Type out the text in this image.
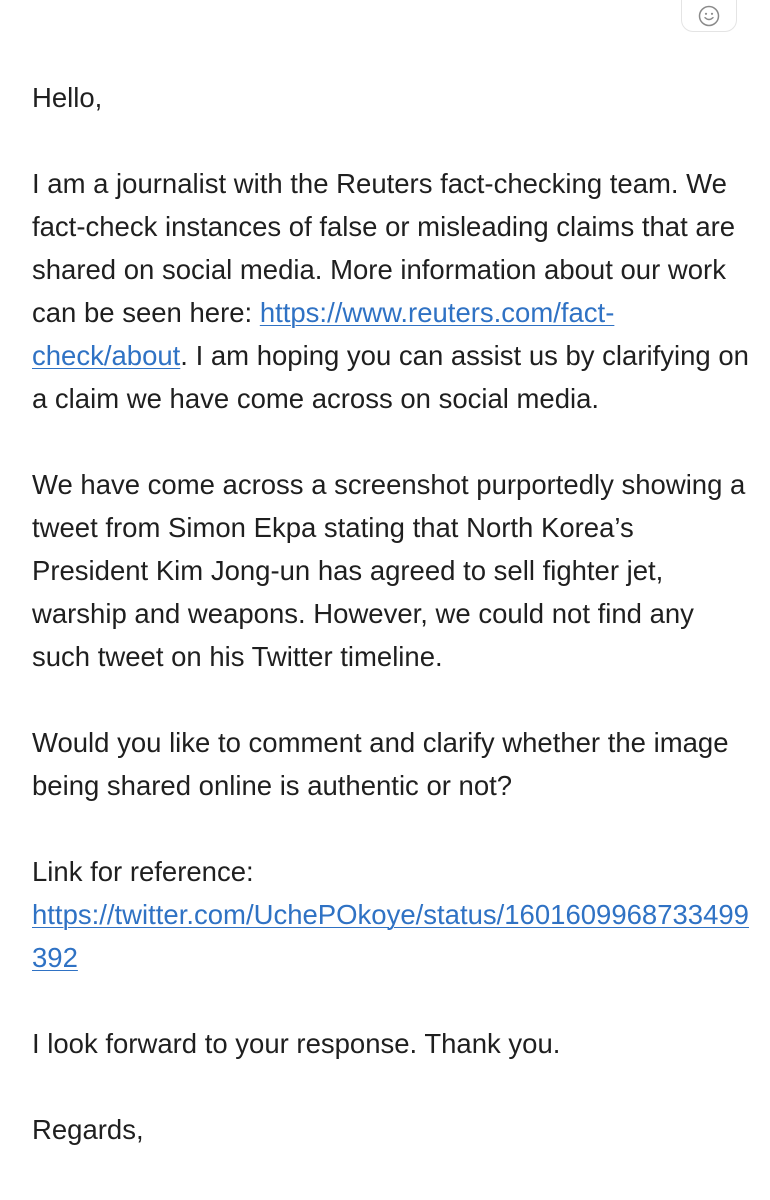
Hello,

I am a journalist with the Reuters fact-checking team. We fact-check instances of false or misleading claims that are shared on social media. More information about our work can be seen here: https://www.reuters.com/fact-check/about. I am hoping you can assist us by clarifying on a claim we have come across on social media.

We have come across a screenshot purportedly showing a tweet from Simon Ekpa stating that North Korea’s President Kim Jong-un has agreed to sell fighter jet, warship and weapons. However, we could not find any such tweet on his Twitter timeline.

Would you like to comment and clarify whether the image being shared online is authentic or not?

Link for reference:
https://twitter.com/UchePOkoye/status/1601609968733499392

I look forward to your response. Thank you.

Regards,
